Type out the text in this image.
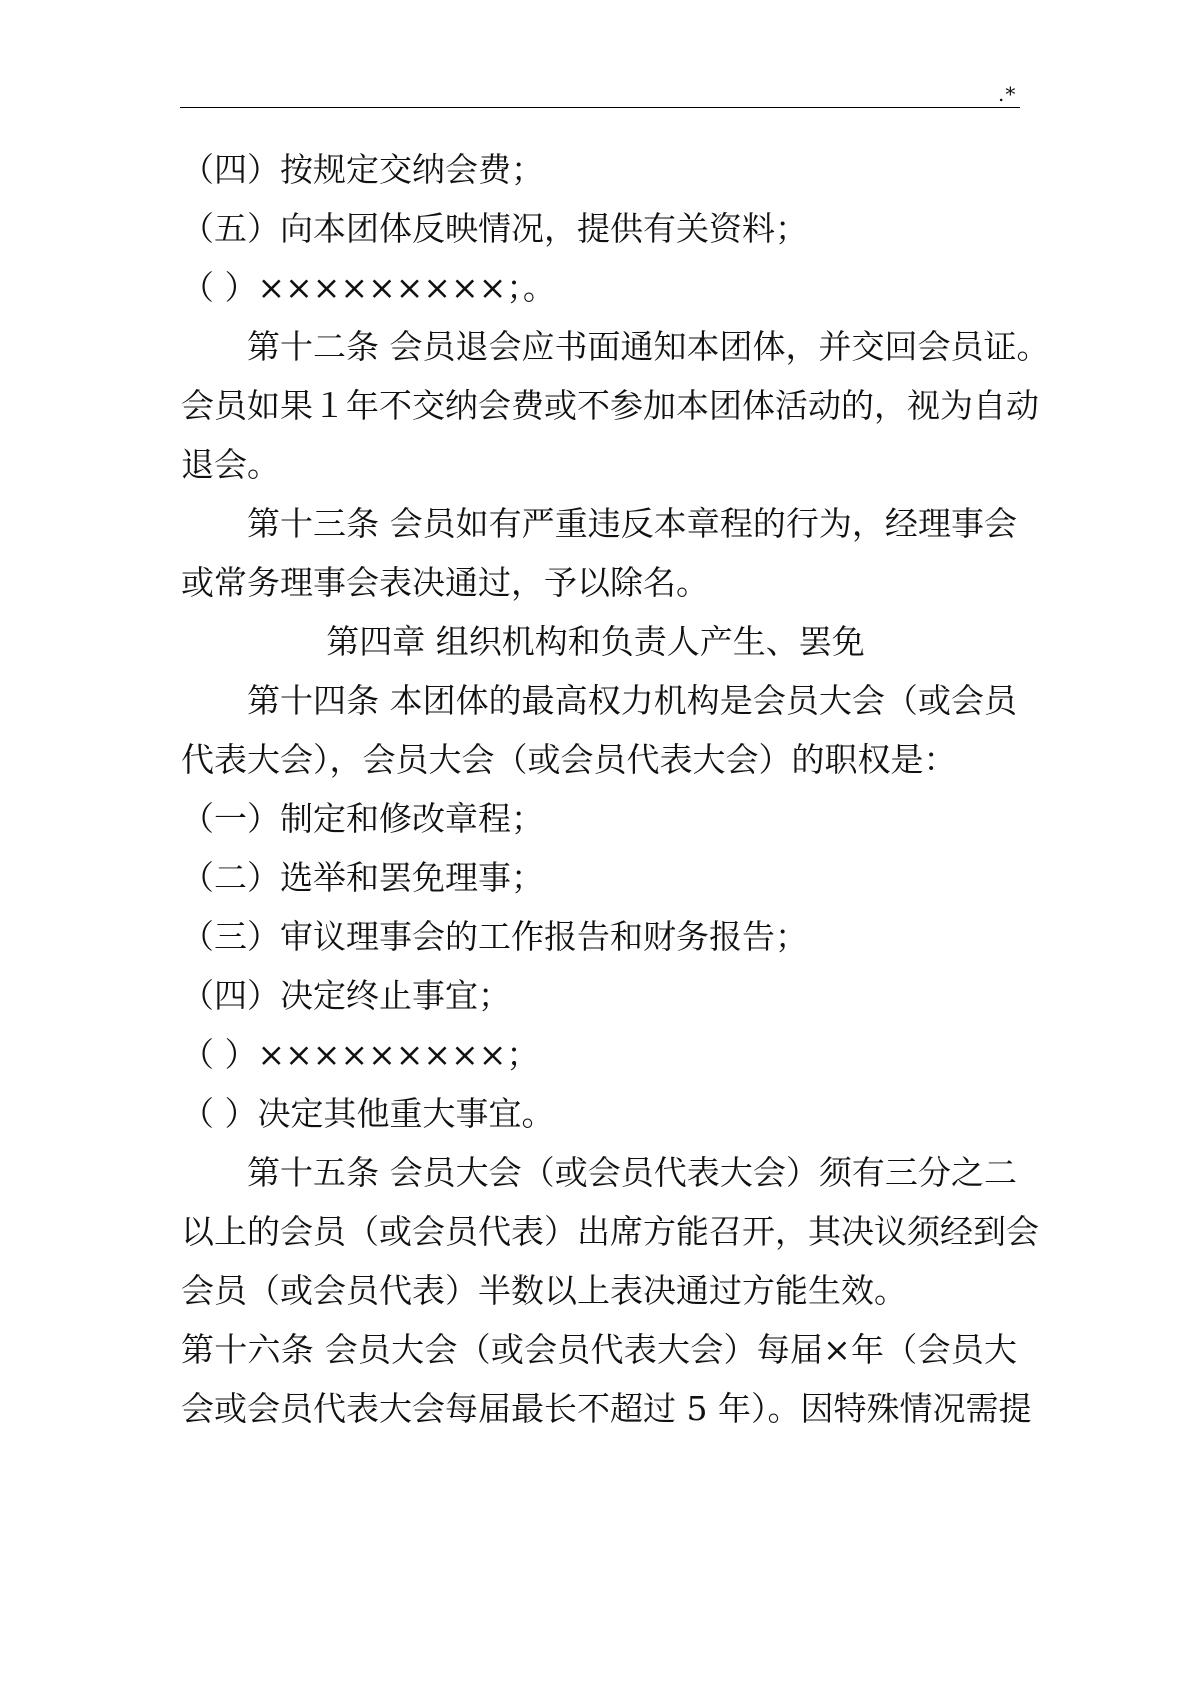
.*
（四）按规定交纳会费；
（五）向本团体反映情况，提供有关资料；
（ ）×××××××××；。
第十二条 会员退会应书面通知本团体，并交回会员证。
会员如果１年不交纳会费或不参加本团体活动的，视为自动
退会。
第十三条 会员如有严重违反本章程的行为，经理事会
或常务理事会表决通过，予以除名。
第四章 组织机构和负责人产生、罢免
第十四条 本团体的最高权力机构是会员大会（或会员
代表大会），会员大会（或会员代表大会）的职权是：
（一）制定和修改章程；
（二）选举和罢免理事；
（三）审议理事会的工作报告和财务报告；
（四）决定终止事宜；
（ ）×××××××××；
（ ）决定其他重大事宜。
第十五条 会员大会（或会员代表大会）须有三分之二
以上的会员（或会员代表）出席方能召开，其决议须经到会
会员（或会员代表）半数以上表决通过方能生效。
第十六条 会员大会（或会员代表大会）每届×年（会员大
会或会员代表大会每届最长不超过 5 年）。因特殊情况需提
